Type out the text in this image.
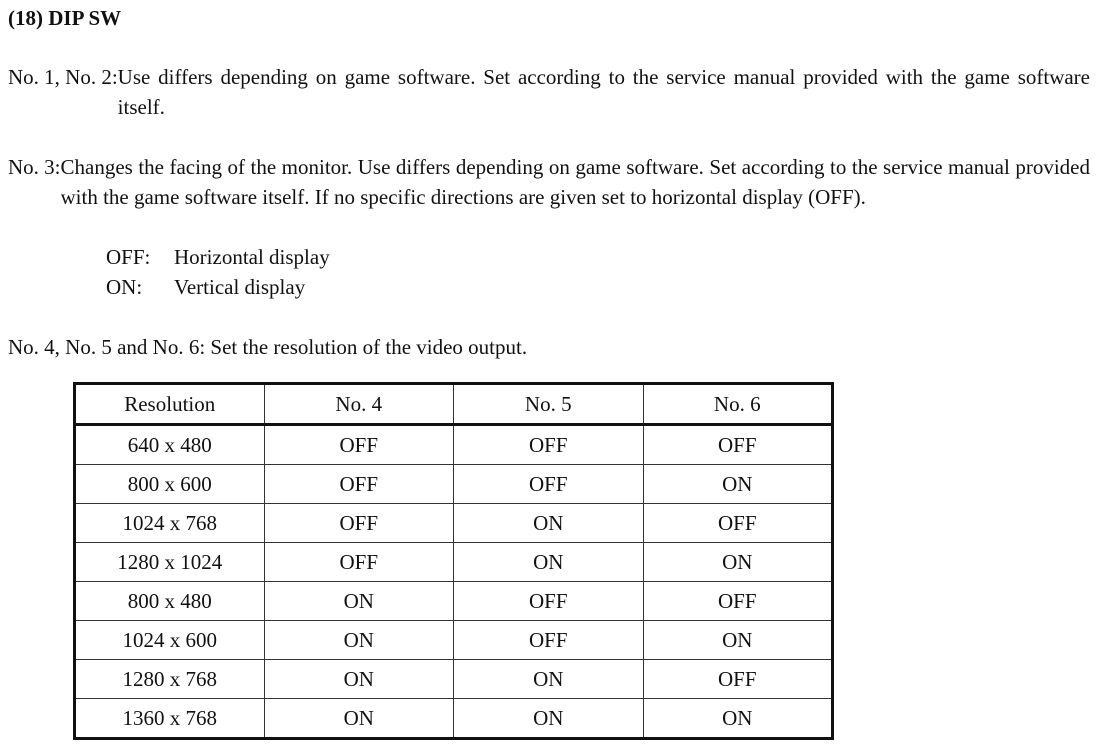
(18) DIP SW
No. 1, No. 2: Use differs depending on game software. Set according to the service manual provided with the game software itself.
No. 3: Changes the facing of the monitor. Use differs depending on game software. Set according to the service manual provided with the game software itself. If no specific directions are given set to horizontal display (OFF).
OFF: Horizontal display
ON: Vertical display
No. 4, No. 5 and No. 6: Set the resolution of the video output.
Resolution	No. 4	No. 5	No. 6
640 x 480	OFF	OFF	OFF
800 x 600	OFF	OFF	ON
1024 x 768	OFF	ON	OFF
1280 x 1024	OFF	ON	ON
800 x 480	ON	OFF	OFF
1024 x 600	ON	OFF	ON
1280 x 768	ON	ON	OFF
1360 x 768	ON	ON	ON
